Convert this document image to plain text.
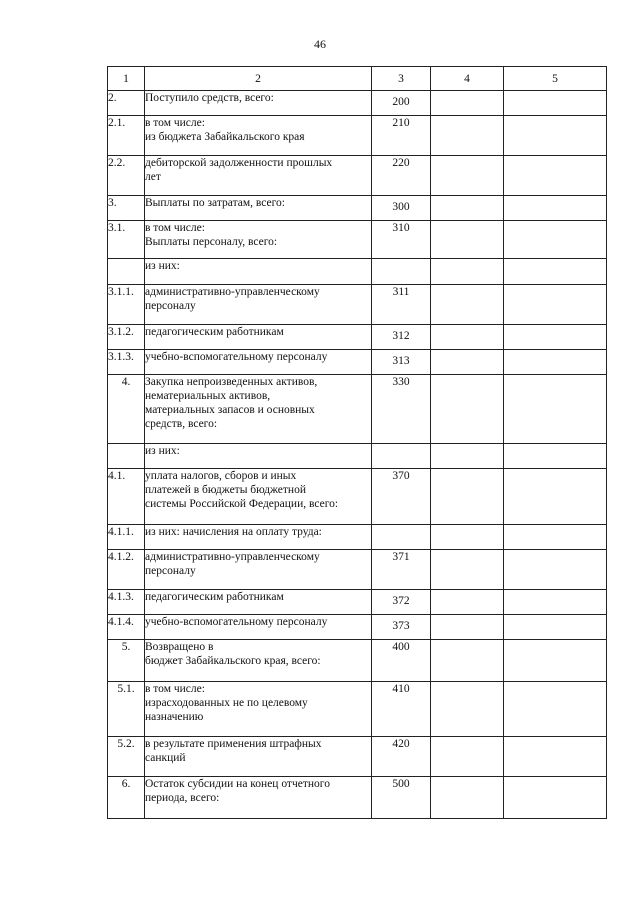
46
1	2	3	4	5
2.	Поступило средств, всего:	200		
2.1.	в том числе:
из бюджета Забайкальского края	210		
2.2.	дебиторской задолженности прошлых
лет	220		
3.	Выплаты по затратам, всего:	300		
3.1.	в том числе:
Выплаты персоналу, всего:	310		
	из них:			
3.1.1.	административно-управленческому
персоналу	311		
3.1.2.	педагогическим работникам	312		
3.1.3.	учебно-вспомогательному персоналу	313		
4.	Закупка непроизведенных активов,
нематериальных активов,
материальных запасов и основных
средств, всего:	330		
	из них:			
4.1.	уплата налогов, сборов и иных
платежей в бюджеты бюджетной
системы Российской Федерации, всего:	370		
4.1.1.	из них: начисления на оплату труда:			
4.1.2.	административно-управленческому
персоналу	371		
4.1.3.	педагогическим работникам	372		
4.1.4.	учебно-вспомогательному персоналу	373		
5.	Возвращено в
бюджет Забайкальского края, всего:	400		
5.1.	в том числе:
израсходованных не по целевому
назначению	410		
5.2.	в результате применения штрафных
санкций	420		
6.	Остаток субсидии на конец отчетного
периода, всего:	500		
